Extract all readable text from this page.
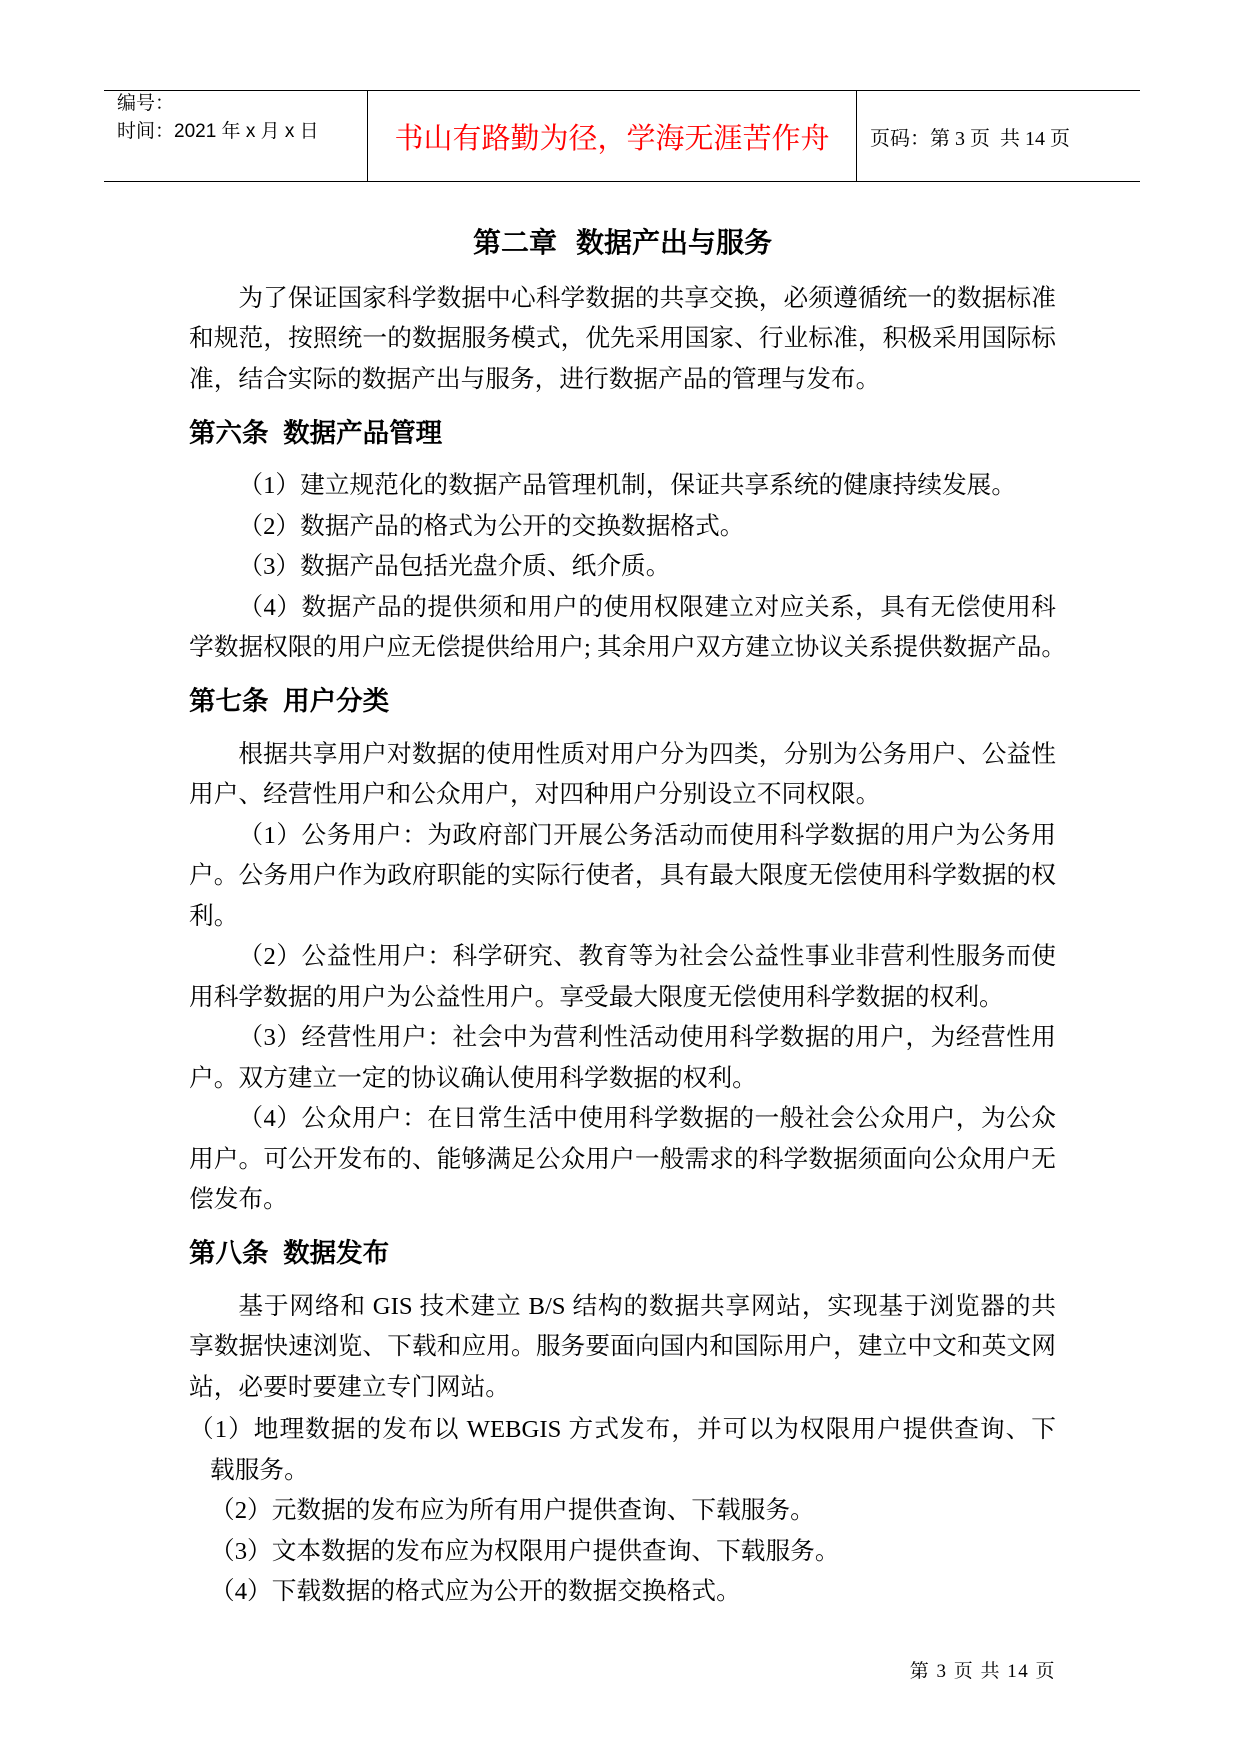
编号：
时间：2021 年 x 月 x 日	书山有路勤为径，学海无涯苦作舟 页码：第 3 页  共 14 页
第二章 数据产出与服务
为了保证国家科学数据中心科学数据的共享交换，必须遵循统一的数据标准
和规范，按照统一的数据服务模式，优先采用国家、行业标准，积极采用国际标
准，结合实际的数据产出与服务，进行数据产品的管理与发布。
第六条 数据产品管理
（1）建立规范化的数据产品管理机制，保证共享系统的健康持续发展。
（2）数据产品的格式为公开的交换数据格式。
（3）数据产品包括光盘介质、纸介质。
（4）数据产品的提供须和用户的使用权限建立对应关系，具有无偿使用科
学数据权限的用户应无偿提供给用户; 其余用户双方建立协议关系提供数据产品。
第七条 用户分类
根据共享用户对数据的使用性质对用户分为四类，分别为公务用户、公益性
用户、经营性用户和公众用户，对四种用户分别设立不同权限。
（1）公务用户：为政府部门开展公务活动而使用科学数据的用户为公务用
户。公务用户作为政府职能的实际行使者，具有最大限度无偿使用科学数据的权
利。
（2）公益性用户：科学研究、教育等为社会公益性事业非营利性服务而使
用科学数据的用户为公益性用户。享受最大限度无偿使用科学数据的权利。
（3）经营性用户：社会中为营利性活动使用科学数据的用户，为经营性用
户。双方建立一定的协议确认使用科学数据的权利。
（4）公众用户：在日常生活中使用科学数据的一般社会公众用户，为公众
用户。可公开发布的、能够满足公众用户一般需求的科学数据须面向公众用户无
偿发布。
第八条 数据发布
基于网络和 GIS 技术建立 B/S 结构的数据共享网站，实现基于浏览器的共
享数据快速浏览、下载和应用。服务要面向国内和国际用户，建立中文和英文网
站，必要时要建立专门网站。
（1）地理数据的发布以 WEBGIS 方式发布，并可以为权限用户提供查询、下
载服务。
（2）元数据的发布应为所有用户提供查询、下载服务。
（3）文本数据的发布应为权限用户提供查询、下载服务。
（4）下载数据的格式应为公开的数据交换格式。

第 3 页 共 14 页
